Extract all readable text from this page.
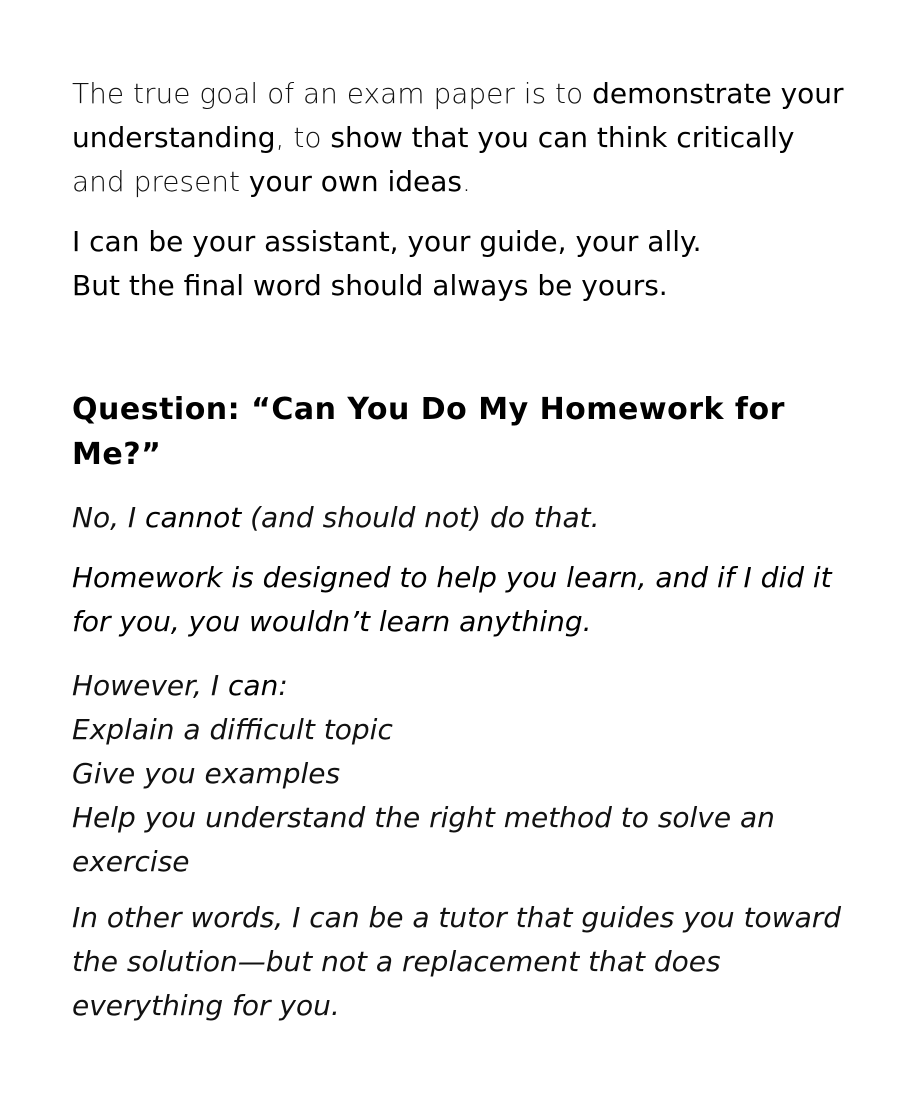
The true goal of an exam paper is to demonstrate your
understanding, to show that you can think critically
and present your own ideas.

I can be your assistant, your guide, your ally.
But the final word should always be yours.

Question: “Can You Do My Homework for
Me?”

No, I cannot (and should not) do that.

Homework is designed to help you learn, and if I did it
for you, you wouldn’t learn anything.

However, I can:
Explain a difficult topic
Give you examples
Help you understand the right method to solve an
exercise

In other words, I can be a tutor that guides you toward
the solution—but not a replacement that does
everything for you.
